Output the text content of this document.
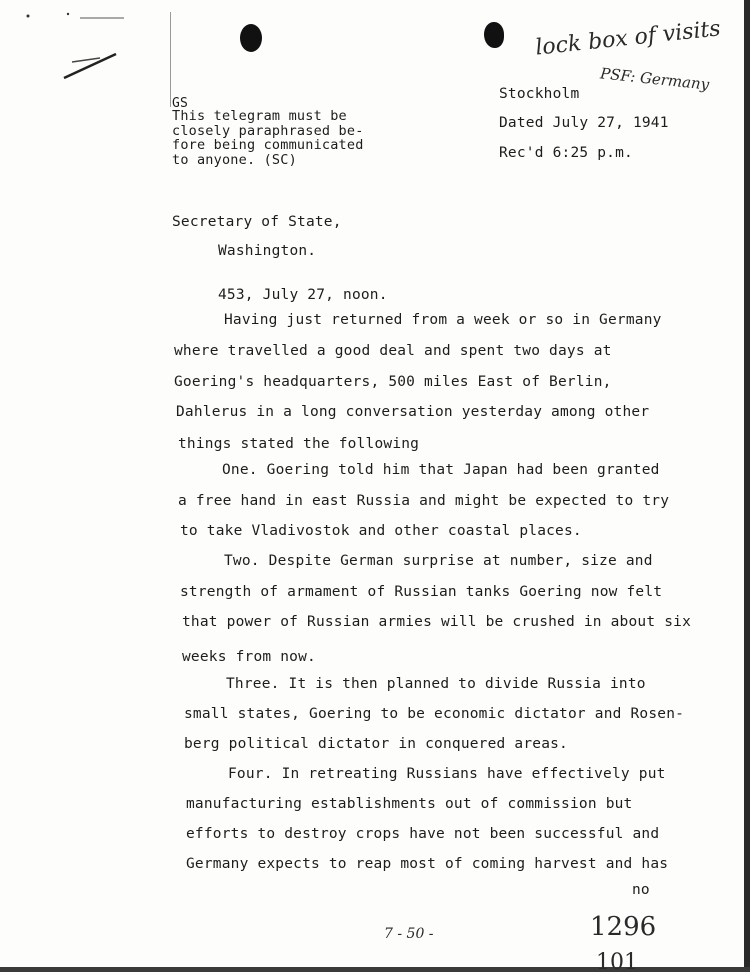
lock box of visits
PSF: Germany
GS
This telegram must be
closely paraphrased be-
fore being communicated
to anyone. (SC)
Stockholm
Dated July 27, 1941
Rec'd 6:25 p.m.
Secretary of State,
Washington.
453, July 27, noon.
Having just returned from a week or so in Germany
where travelled a good deal and spent two days at
Goering's headquarters, 500 miles East of Berlin,
Dahlerus in a long conversation yesterday among other
things stated the following
One. Goering told him that Japan had been granted
a free hand in east Russia and might be expected to try
to take Vladivostok and other coastal places.
Two. Despite German surprise at number, size and
strength of armament of Russian tanks Goering now felt
that power of Russian armies will be crushed in about six
weeks from now.
Three. It is then planned to divide Russia into
small states, Goering to be economic dictator and Rosen-
berg political dictator in conquered areas.
Four. In retreating Russians have effectively put
manufacturing establishments out of commission but
efforts to destroy crops have not been successful and
Germany expects to reap most of coming harvest and has
no
7 - 50 -	1296
101
